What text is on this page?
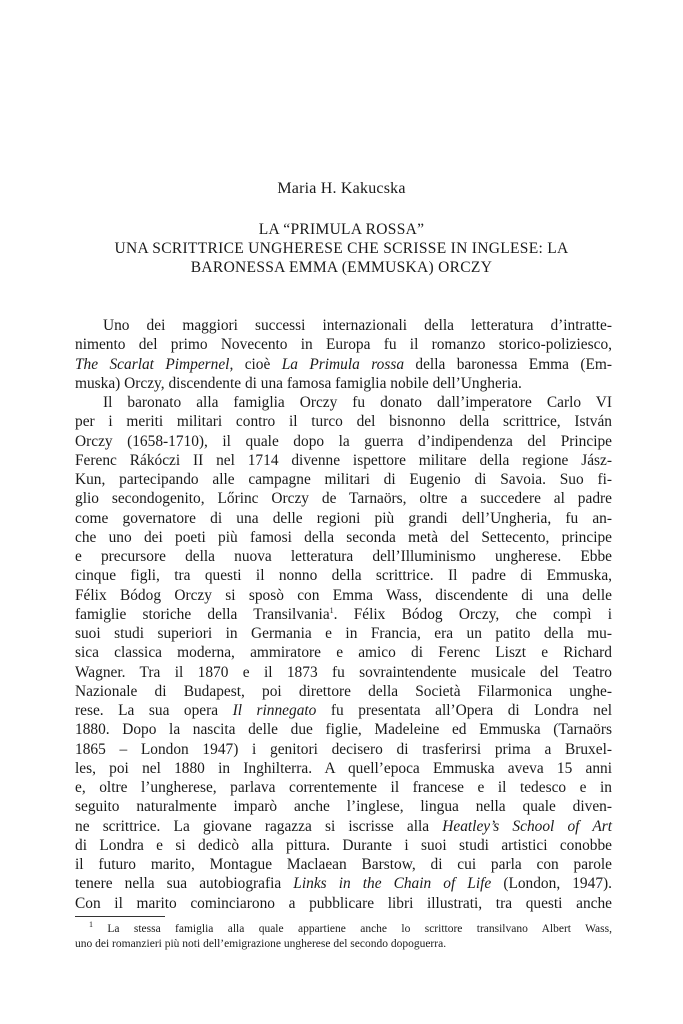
Maria H. Kakucska
LA “PRIMULA ROSSA”
UNA SCRITTRICE UNGHERESE CHE SCRISSE IN INGLESE: LA
BARONESSA EMMA (EMMUSKA) ORCZY
Uno dei maggiori successi internazionali della letteratura d’intratte-
nimento del primo Novecento in Europa fu il romanzo storico-poliziesco,
The Scarlat Pimpernel, cioè La Primula rossa della baronessa Emma (Em-
muska) Orczy, discendente di una famosa famiglia nobile dell’Ungheria.
Il baronato alla famiglia Orczy fu donato dall’imperatore Carlo VI
per i meriti militari contro il turco del bisnonno della scrittrice, István
Orczy (1658-1710), il quale dopo la guerra d’indipendenza del Principe
Ferenc Rákóczi II nel 1714 divenne ispettore militare della regione Jász-
Kun, partecipando alle campagne militari di Eugenio di Savoia. Suo fi-
glio secondogenito, Lőrinc Orczy de Tarnaörs, oltre a succedere al padre
come governatore di una delle regioni più grandi dell’Ungheria, fu an-
che uno dei poeti più famosi della seconda metà del Settecento, principe
e precursore della nuova letteratura dell’Illuminismo ungherese. Ebbe
cinque figli, tra questi il nonno della scrittrice. Il padre di Emmuska,
Félix Bódog Orczy si sposò con Emma Wass, discendente di una delle
famiglie storiche della Transilvania$^1$. Félix Bódog Orczy, che compì i
suoi studi superiori in Germania e in Francia, era un patito della mu-
sica classica moderna, ammiratore e amico di Ferenc Liszt e Richard
Wagner. Tra il 1870 e il 1873 fu sovraintendente musicale del Teatro
Nazionale di Budapest, poi direttore della Società Filarmonica unghe-
rese. La sua opera Il rinnegato fu presentata all’Opera di Londra nel
1880. Dopo la nascita delle due figlie, Madeleine ed Emmuska (Tarnaörs
1865 – London 1947) i genitori decisero di trasferirsi prima a Bruxel-
les, poi nel 1880 in Inghilterra. A quell’epoca Emmuska aveva 15 anni
e, oltre l’ungherese, parlava correntemente il francese e il tedesco e in
seguito naturalmente imparò anche l’inglese, lingua nella quale diven-
ne scrittrice. La giovane ragazza si iscrisse alla Heatley’s School of Art
di Londra e si dedicò alla pittura. Durante i suoi studi artistici conobbe
il futuro marito, Montague Maclaean Barstow, di cui parla con parole
tenere nella sua autobiografia Links in the Chain of Life (London, 1947).
Con il marito cominciarono a pubblicare libri illustrati, tra questi anche
$^1$ La stessa famiglia alla quale appartiene anche lo scrittore transilvano Albert Wass,
uno dei romanzieri più noti dell’emigrazione ungherese del secondo dopoguerra.
